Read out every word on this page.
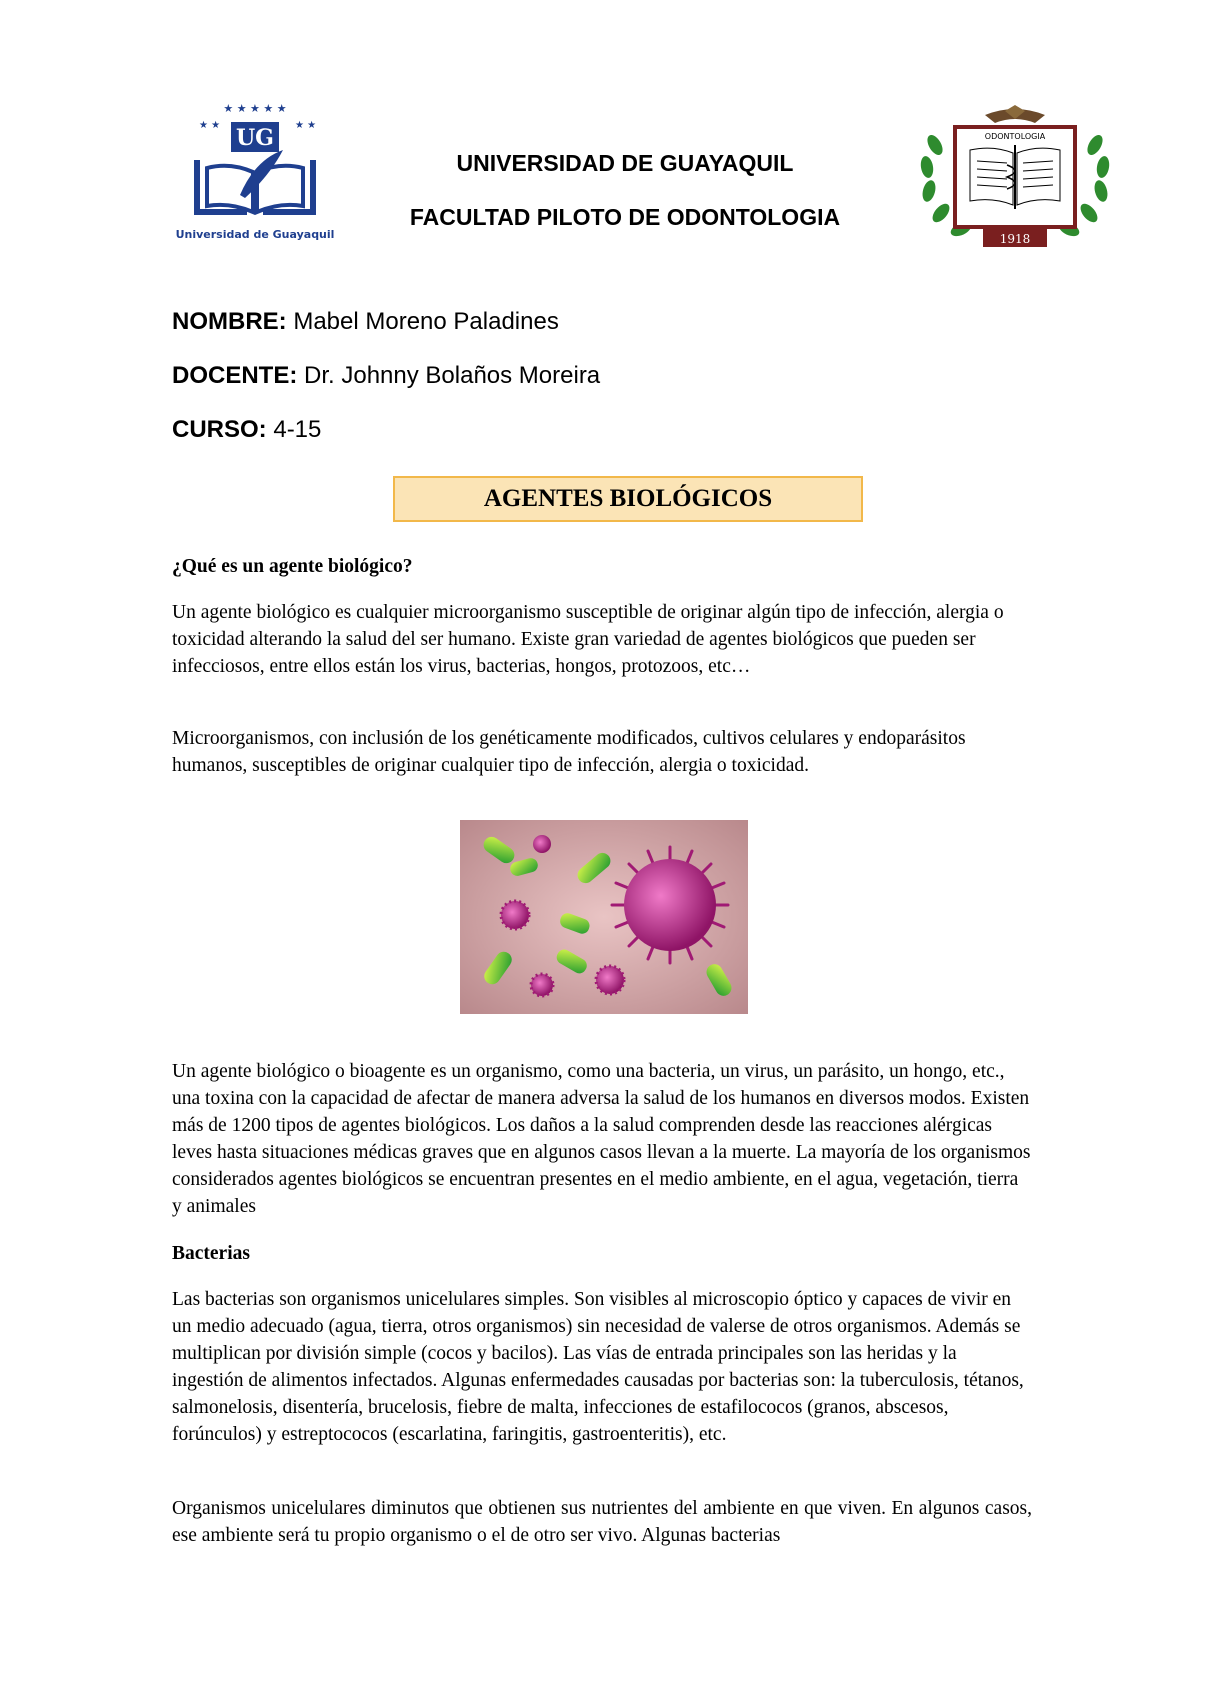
★ ★ ★ ★ ★
★ ★	★ ★
UG
Universidad de Guayaquil
UNIVERSIDAD DE GUAYAQUIL
FACULTAD PILOTO DE ODONTOLOGIA
ODONTOLOGIA
1918
NOMBRE: Mabel Moreno Paladines
DOCENTE: Dr. Johnny Bolaños Moreira
CURSO: 4-15
AGENTES BIOLÓGICOS
¿Qué es un agente biológico?

Un agente biológico es cualquier microorganismo susceptible de originar algún tipo de infección, alergia o toxicidad alterando la salud del ser humano. Existe gran variedad de agentes biológicos que pueden ser infecciosos, entre ellos están los virus, bacterias, hongos, protozoos, etc…

Microorganismos, con inclusión de los genéticamente modificados, cultivos celulares y endoparásitos humanos, susceptibles de originar cualquier tipo de infección, alergia o toxicidad.

Un agente biológico o bioagente es un organismo, como una bacteria, un virus, un parásito, un hongo, etc., una toxina con la capacidad de afectar de manera adversa la salud de los humanos en diversos modos. Existen más de 1200 tipos de agentes biológicos. Los daños a la salud comprenden desde las reacciones alérgicas leves hasta situaciones médicas graves que en algunos casos llevan a la muerte. La mayoría de los organismos considerados agentes biológicos se encuentran presentes en el medio ambiente, en el agua, vegetación, tierra y animales

Bacterias

Las bacterias son organismos unicelulares simples. Son visibles al microscopio óptico y capaces de vivir en un medio adecuado (agua, tierra, otros organismos) sin necesidad de valerse de otros organismos. Además se multiplican por división simple (cocos y bacilos). Las vías de entrada principales son las heridas y la ingestión de alimentos infectados. Algunas enfermedades causadas por bacterias son: la tuberculosis, tétanos, salmonelosis, disentería, brucelosis, fiebre de malta, infecciones de estafilococos (granos, abscesos, forúnculos) y estreptococos (escarlatina, faringitis, gastroenteritis), etc.

Organismos unicelulares diminutos que obtienen sus nutrientes del ambiente en que viven. En algunos casos, ese ambiente será tu propio organismo o el de otro ser vivo. Algunas bacterias
